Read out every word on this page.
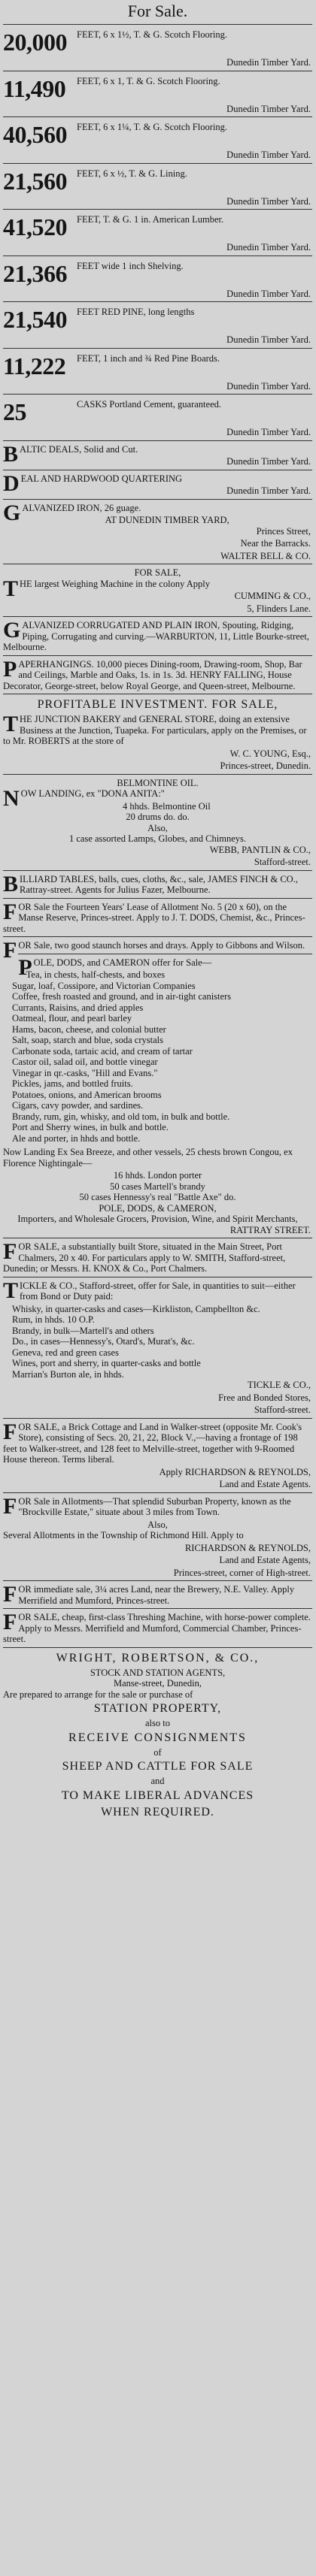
For Sale.
20,000	FEET, 6 x 1½, T. & G. Scotch Flooring.
Dunedin Timber Yard.
11,490	FEET, 6 x 1, T. & G. Scotch Flooring.
Dunedin Timber Yard.
40,560	FEET, 6 x 1¼, T. & G. Scotch Flooring.
Dunedin Timber Yard.
21,560	FEET, 6 x ½, T. & G. Lining.
Dunedin Timber Yard.
41,520	FEET, T. & G. 1 in. American Lumber.
Dunedin Timber Yard.
21,366	FEET wide 1 inch Shelving.
Dunedin Timber Yard.
21,540	FEET RED PINE, long lengths
Dunedin Timber Yard.
11,222	FEET, 1 inch and ¾ Red Pine Boards.
Dunedin Timber Yard.
25	CASKS Portland Cement, guaranteed.
Dunedin Timber Yard.

BALTIC DEALS, Solid and Cut.

Dunedin Timber Yard.

DEAL AND HARDWOOD QUARTERING

Dunedin Timber Yard.

GALVANIZED IRON, 26 guage.

AT DUNEDIN TIMBER YARD,

Princes Street,
Near the Barracks.
WALTER BELL & CO.

FOR SALE,

THE largest Weighing Machine in the colony Apply

CUMMING & CO.,
5, Flinders Lane.

GALVANIZED CORRUGATED AND PLAIN IRON, Spouting, Ridging, Piping, Corrugating and curving.—WARBURTON, 11, Little Bourke-street, Melbourne.

PAPERHANGINGS. 10,000 pieces Dining-room, Drawing-room, Shop, Bar and Ceilings, Marble and Oaks, 1s. in 1s. 3d. HENRY FALLING, House Decorator, George-street, below Royal George, and Queen-street, Melbourne.

PROFITABLE INVESTMENT. FOR SALE,

THE JUNCTION BAKERY and GENERAL STORE, doing an extensive Business at the Junction, Tuapeka. For particulars, apply on the Premises, or to Mr. ROBERTS at the store of

W. C. YOUNG, Esq.,
Princes-street, Dunedin.

BELMONTINE OIL.

NOW LANDING, ex "DONA ANITA:"

4 hhds. Belmontine Oil

20 drums do. do.

Also,

1 case assorted Lamps, Globes, and Chimneys.

WEBB, PANTLIN & CO.,
Stafford-street.

BILLIARD TABLES, balls, cues, cloths, &c., sale, JAMES FINCH & CO., Rattray-street. Agents for Julius Fazer, Melbourne.

FOR Sale the Fourteen Years' Lease of Allotment No. 5 (20 x 60), on the Manse Reserve, Princes-street. Apply to J. T. DODS, Chemist, &c., Princes-street.

FOR Sale, two good staunch horses and drays. Apply to Gibbons and Wilson.

POLE, DODS, and CAMERON offer for Sale—

Tea, in chests, half-chests, and boxes

Sugar, loaf, Cossipore, and Victorian Companies

Coffee, fresh roasted and ground, and in air-tight canisters

Currants, Raisins, and dried apples

Oatmeal, flour, and pearl barley

Hams, bacon, cheese, and colonial butter

Salt, soap, starch and blue, soda crystals

Carbonate soda, tartaic acid, and cream of tartar

Castor oil, salad oil, and bottle vinegar

Vinegar in qr.-casks, "Hill and Evans."

Pickles, jams, and bottled fruits.

Potatoes, onions, and American brooms

Cigars, cavy powder, and sardines.

Brandy, rum, gin, whisky, and old tom, in bulk and bottle.

Port and Sherry wines, in bulk and bottle.

Ale and porter, in hhds and bottle.

Now Landing Ex Sea Breeze, and other vessels, 25 chests brown Congou, ex Florence Nightingale—

16 hhds. London porter

50 cases Martell's brandy

50 cases Hennessy's real "Battle Axe" do.

POLE, DODS, & CAMERON,

Importers, and Wholesale Grocers, Provision, Wine, and Spirit Merchants,

RATTRAY STREET.

FOR SALE, a substantially built Store, situated in the Main Street, Port Chalmers, 20 x 40. For particulars apply to W. SMITH, Stafford-street, Dunedin; or Messrs. H. KNOX & Co., Port Chalmers.

TICKLE & CO., Stafford-street, offer for Sale, in quantities to suit—either from Bond or Duty paid:

Whisky, in quarter-casks and cases—Kirkliston, Campbellton &c.

Rum, in hhds. 10 O.P.

Brandy, in bulk—Martell's and others

Do., in cases—Hennessy's, Otard's, Murat's, &c.

Geneva, red and green cases

Wines, port and sherry, in quarter-casks and bottle

Marrian's Burton ale, in hhds.

TICKLE & CO.,
Free and Bonded Stores,
Stafford-street.

FOR SALE, a Brick Cottage and Land in Walker-street (opposite Mr. Cook's Store), consisting of Secs. 20, 21, 22, Block V.,—having a frontage of 198 feet to Walker-street, and 128 feet to Melville-street, together with 9-Roomed House thereon. Terms liberal.

Apply RICHARDSON & REYNOLDS,
Land and Estate Agents.

FOR Sale in Allotments—That splendid Suburban Property, known as the "Brockville Estate," situate about 3 miles from Town.

Also,

Several Allotments in the Township of Richmond Hill. Apply to

RICHARDSON & REYNOLDS,
Land and Estate Agents,
Princes-street, corner of High-street.

FOR immediate sale, 3¼ acres Land, near the Brewery, N.E. Valley. Apply Merrifield and Mumford, Princes-street.

FOR SALE, cheap, first-class Threshing Machine, with horse-power complete. Apply to Messrs. Merrifield and Mumford, Commercial Chamber, Princes-street.

WRIGHT, ROBERTSON, & CO.,

STOCK AND STATION AGENTS,

Manse-street, Dunedin,

Are prepared to arrange for the sale or purchase of

STATION PROPERTY,

also to

RECEIVE CONSIGNMENTS

of

SHEEP AND CATTLE FOR SALE

and

TO MAKE LIBERAL ADVANCES

WHEN REQUIRED.
